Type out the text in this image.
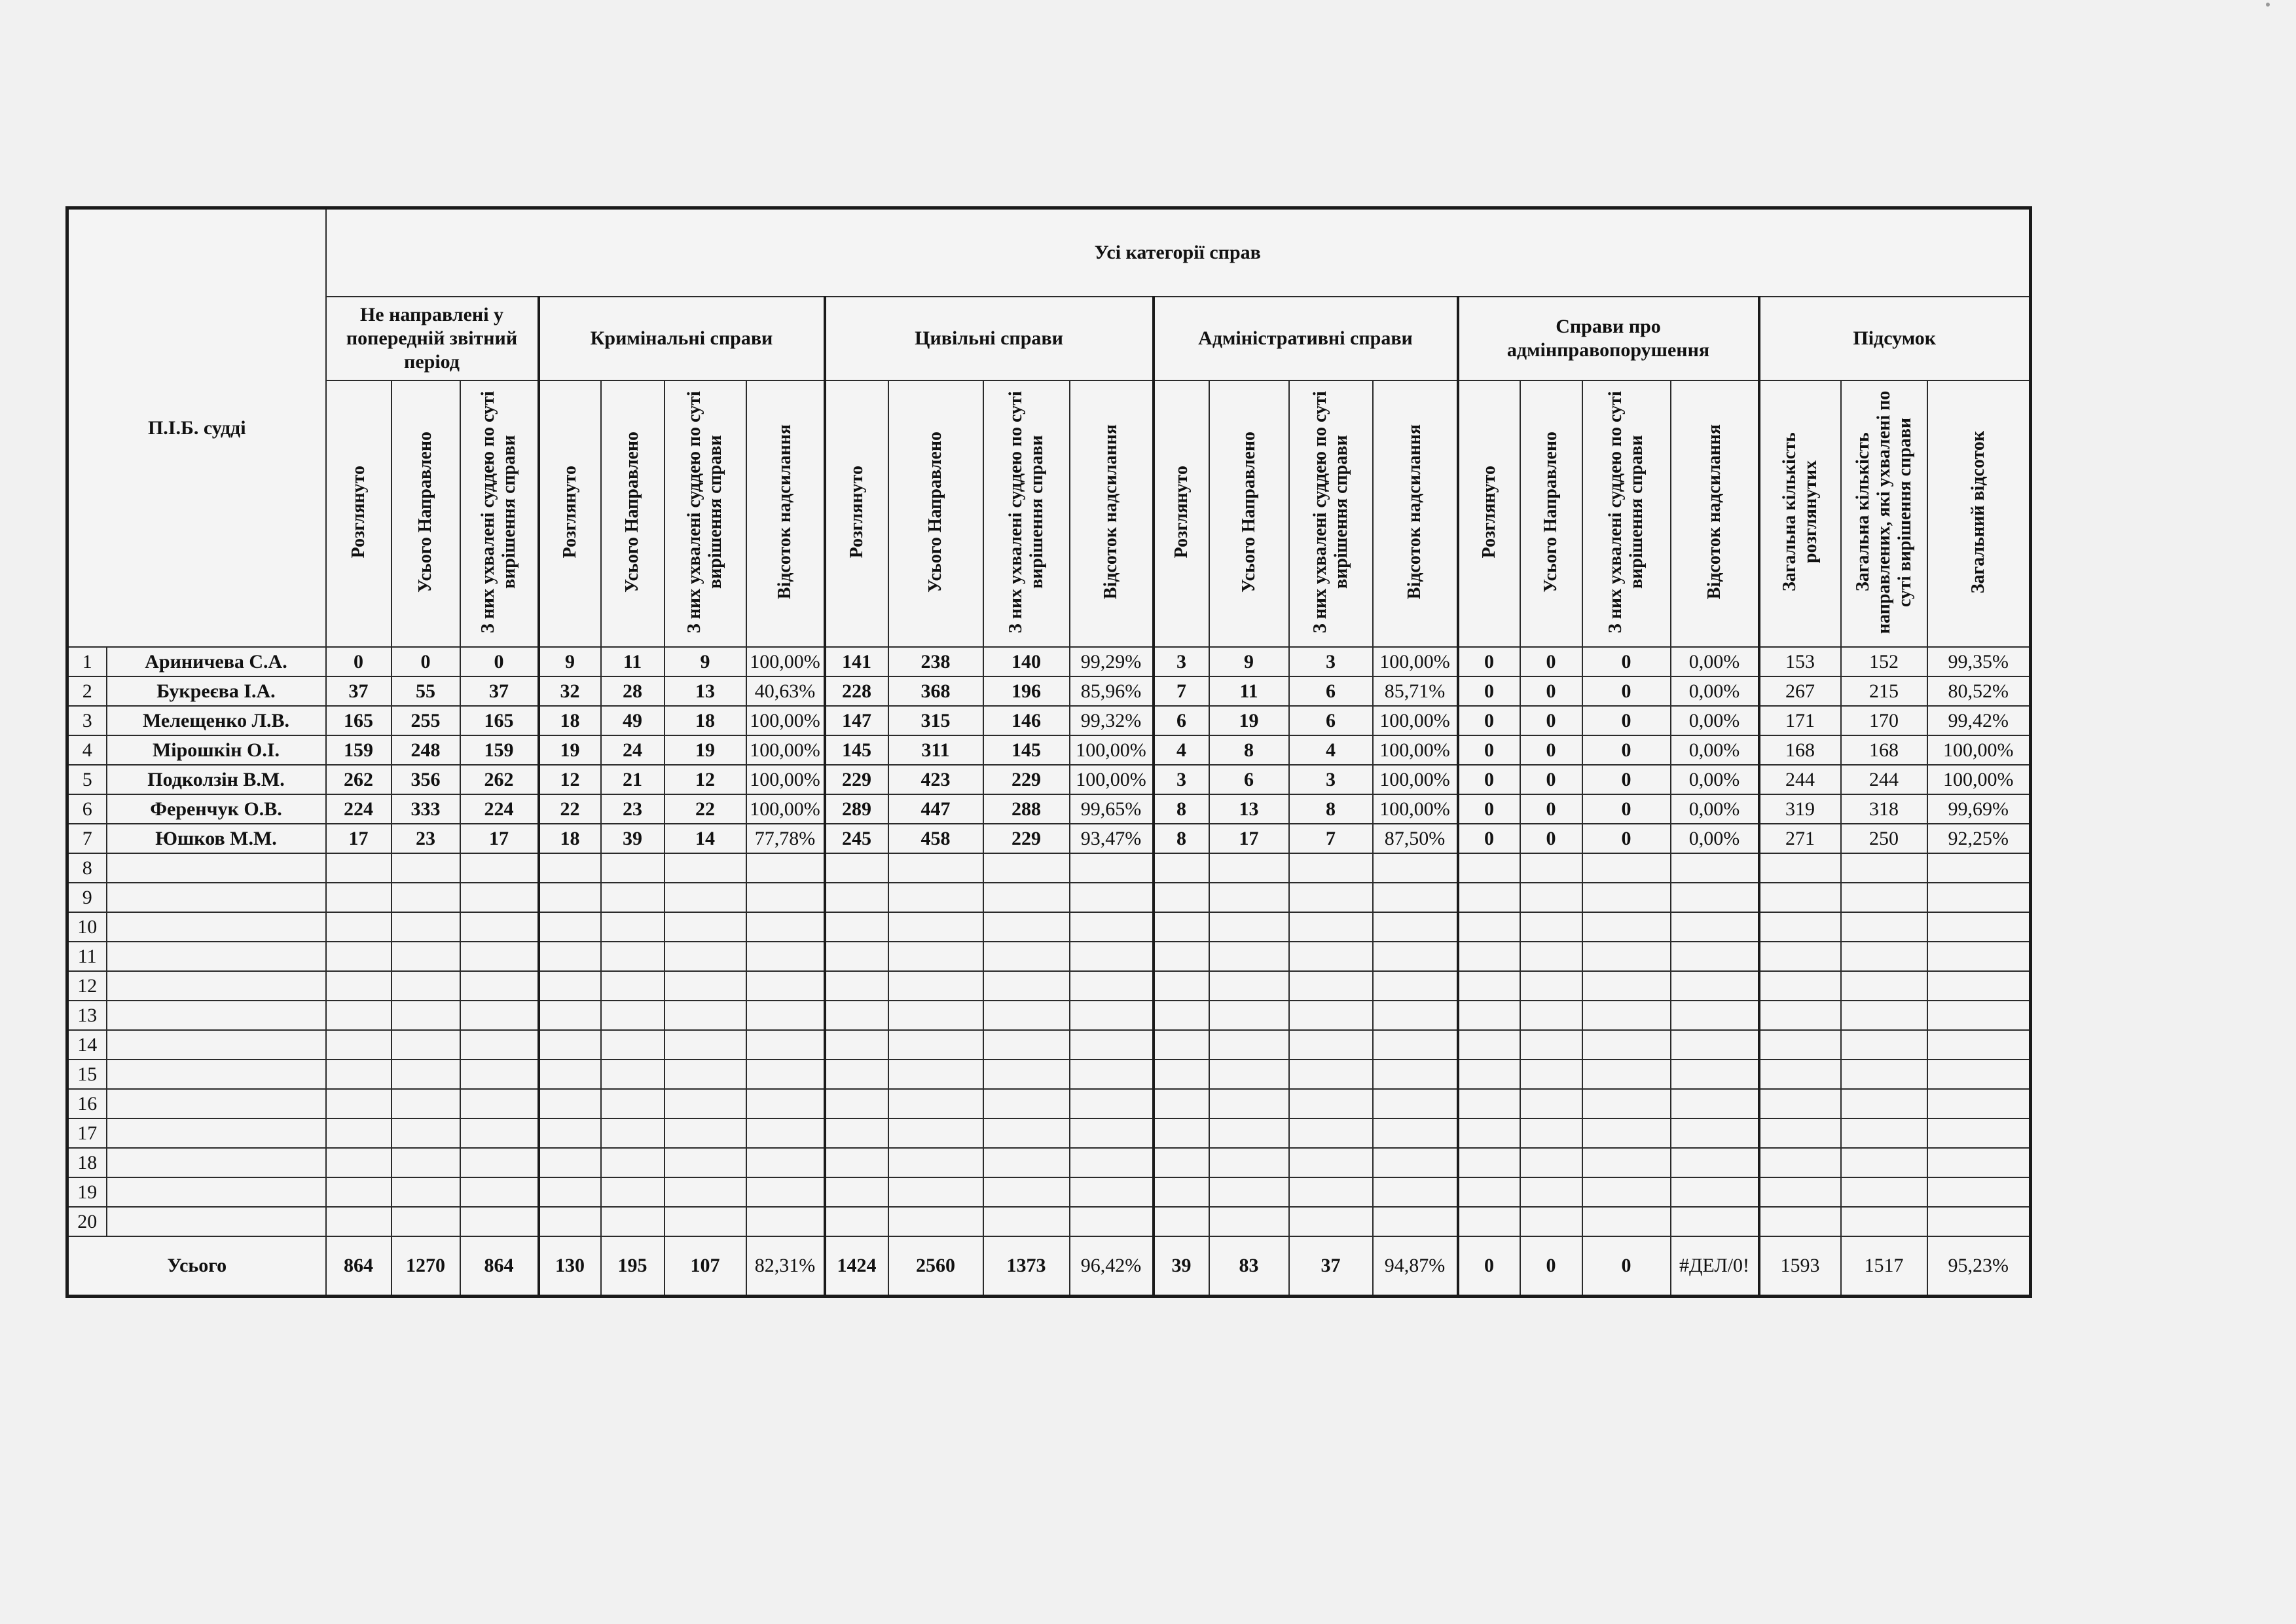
П.І.Б. судді		Усі категорії справ																					
		Не направлені у попередній звітний період			Кримінальні справи				Цивільні справи				Адміністративні справи				Справи про адмінправопорушення				Підсумок		
		Розглянуто	Усього Направлено	З них ухвалені суддею по суті вирішення справи	Розглянуто	Усього Направлено	З них ухвалені суддею по суті вирішення справи	Відсоток надсилання	Розглянуто	Усього Направлено	З них ухвалені суддею по суті вирішення справи	Відсоток надсилання	Розглянуто	Усього Направлено	З них ухвалені суддею по суті вирішення справи	Відсоток надсилання	Розглянуто	Усього Направлено	З них ухвалені суддею по суті вирішення справи	Відсоток надсилання	Загальна кількість розглянутих	Загальна кількість направлених, які ухвалені по суті вирішення справи	Загальний відсоток
1	Ариничева С.А.	0	0	0	9	11	9	100,00%	141	238	140	99,29%	3	9	3	100,00%	0	0	0	0,00%	153	152	99,35%
2	Букреєва І.А.	37	55	37	32	28	13	40,63%	228	368	196	85,96%	7	11	6	85,71%	0	0	0	0,00%	267	215	80,52%
3	Мелещенко Л.В.	165	255	165	18	49	18	100,00%	147	315	146	99,32%	6	19	6	100,00%	0	0	0	0,00%	171	170	99,42%
4	Мірошкін О.І.	159	248	159	19	24	19	100,00%	145	311	145	100,00%	4	8	4	100,00%	0	0	0	0,00%	168	168	100,00%
5	Подколзін В.М.	262	356	262	12	21	12	100,00%	229	423	229	100,00%	3	6	3	100,00%	0	0	0	0,00%	244	244	100,00%
6	Ференчук О.В.	224	333	224	22	23	22	100,00%	289	447	288	99,65%	8	13	8	100,00%	0	0	0	0,00%	319	318	99,69%
7	Юшков М.М.	17	23	17	18	39	14	77,78%	245	458	229	93,47%	8	17	7	87,50%	0	0	0	0,00%	271	250	92,25%
8																							
9																							
10																							
11																							
12																							
13																							
14																							
15																							
16																							
17																							
18																							
19																							
20																							
Усього		864	1270	864	130	195	107	82,31%	1424	2560	1373	96,42%	39	83	37	94,87%	0	0	0	#ДЕЛ/0!	1593	1517	95,23%
